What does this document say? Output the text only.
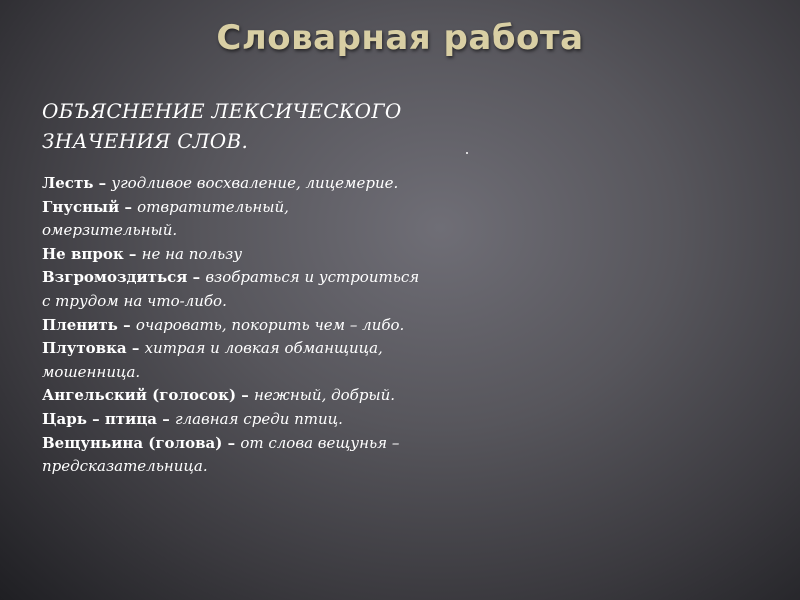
Словарная работа
ОБЪЯСНЕНИЕ ЛЕКСИЧЕСКОГО
ЗНАЧЕНИЯ СЛОВ.
Лесть – угодливое восхваление, лицемерие.
Гнусный – отвратительный,
омерзительный.
Не впрок – не на пользу
Взгромоздиться – взобраться и устроиться
с трудом на что-либо.
Пленить – очаровать, покорить чем – либо.
Плутовка – хитрая и ловкая обманщица,
мошенница.
Ангельский (голосок) – нежный, добрый.
Царь – птица – главная среди птиц.
Вещуньина (голова) – от слова вещунья –
предсказательница.
